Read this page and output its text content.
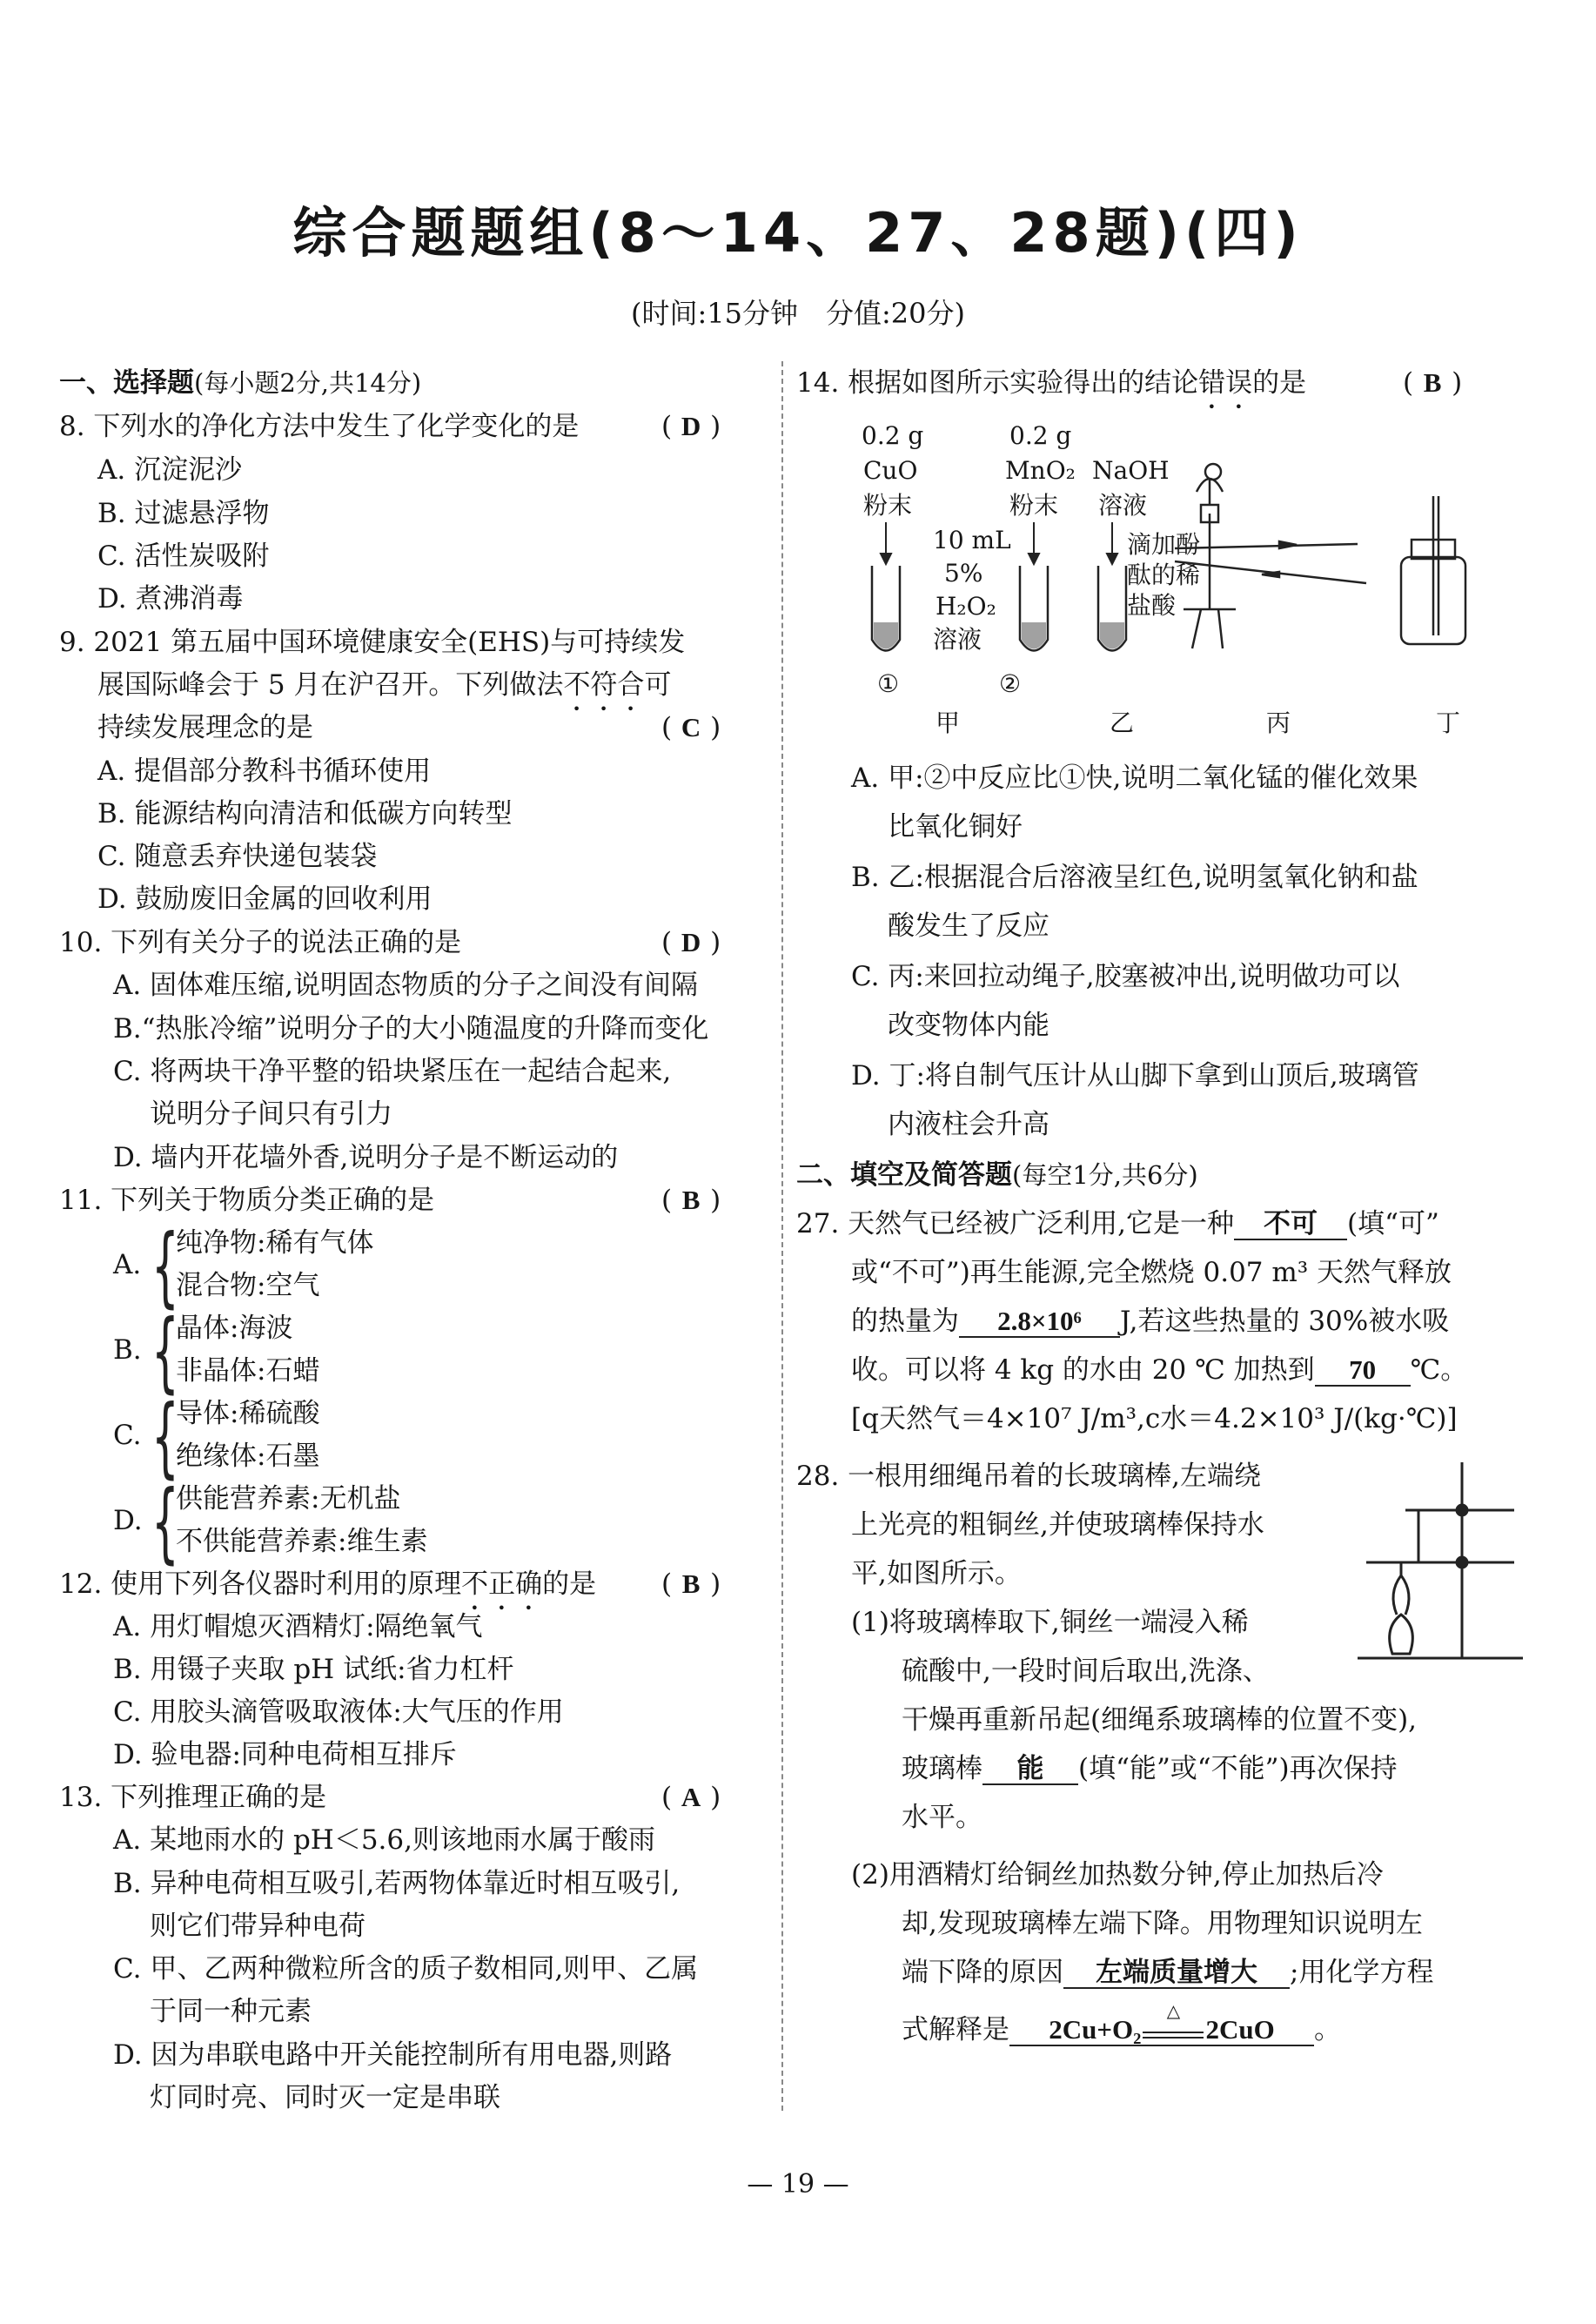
综合题题组(8～14、27、28题)(四)
(时间:15分钟　分值:20分)
一、选择题(每小题2分,共14分)
8. 下列水的净化方法中发生了化学变化的是	( D )
A. 沉淀泥沙
B. 过滤悬浮物
C. 活性炭吸附
D. 煮沸消毒
9. 2021 第五届中国环境健康安全(EHS)与可持续发
展国际峰会于 5 月在沪召开。下列做法不符合可
持续发展理念的是	( C )
A. 提倡部分教科书循环使用
B. 能源结构向清洁和低碳方向转型
C. 随意丢弃快递包装袋
D. 鼓励废旧金属的回收利用
10. 下列有关分子的说法正确的是	( D )
A. 固体难压缩,说明固态物质的分子之间没有间隔
B.“热胀冷缩”说明分子的大小随温度的升降而变化
C. 将两块干净平整的铅块紧压在一起结合起来,
说明分子间只有引力
D. 墙内开花墙外香,说明分子是不断运动的
11. 下列关于物质分类正确的是	( B )
A. {
纯净物:稀有气体
混合物:空气
B. {
晶体:海波
非晶体:石蜡
C. {
导体:稀硫酸
绝缘体:石墨
D. {
供能营养素:无机盐
不供能营养素:维生素
12. 使用下列各仪器时利用的原理不正确的是 ( B )
A. 用灯帽熄灭酒精灯:隔绝氧气
B. 用镊子夹取 pH 试纸:省力杠杆
C. 用胶头滴管吸取液体:大气压的作用
D. 验电器:同种电荷相互排斥
13. 下列推理正确的是	( A )
A. 某地雨水的 pH＜5.6,则该地雨水属于酸雨
B. 异种电荷相互吸引,若两物体靠近时相互吸引,
则它们带异种电荷
C. 甲、乙两种微粒所含的质子数相同,则甲、乙属
于同一种元素
D. 因为串联电路中开关能控制所有用电器,则路
灯同时亮、同时灭一定是串联
14. 根据如图所示实验得出的结论错误的是	( B )
0.2 g
CuO
粉末
0.2 g
MnO₂
粉末
NaOH
溶液
10 mL
5%
H₂O₂
溶液
滴加酚
酞的稀
盐酸
①	②
甲	乙	丙	丁
A. 甲:②中反应比①快,说明二氧化锰的催化效果
比氧化铜好
B. 乙:根据混合后溶液呈红色,说明氢氧化钠和盐
酸发生了反应
C. 丙:来回拉动绳子,胶塞被冲出,说明做功可以
改变物体内能
D. 丁:将自制气压计从山脚下拿到山顶后,玻璃管
内液柱会升高
二、填空及简答题(每空1分,共6分)
27. 天然气已经被广泛利用,它是一种 不可 (填“可”
或“不可”)再生能源,完全燃烧 0.07 m³ 天然气释放
的热量为 2.8×10⁶ J,若这些热量的 30%被水吸
收。可以将 4 kg 的水由 20 ℃ 加热到 70 ℃。
[q天然气＝4×10⁷ J/m³,c水＝4.2×10³ J/(kg·℃)]
28. 一根用细绳吊着的长玻璃棒,左端绕
上光亮的粗铜丝,并使玻璃棒保持水
平,如图所示。
(1)将玻璃棒取下,铜丝一端浸入稀
硫酸中,一段时间后取出,洗涤、
干燥再重新吊起(细绳系玻璃棒的位置不变),
玻璃棒 能 (填“能”或“不能”)再次保持
水平。
(2)用酒精灯给铜丝加热数分钟,停止加热后冷
却,发现玻璃棒左端下降。用物理知识说明左
端下降的原因 左端质量增大 ;用化学方程
式解释是 2Cu+O₂
△
2CuO 。
— 19 —
